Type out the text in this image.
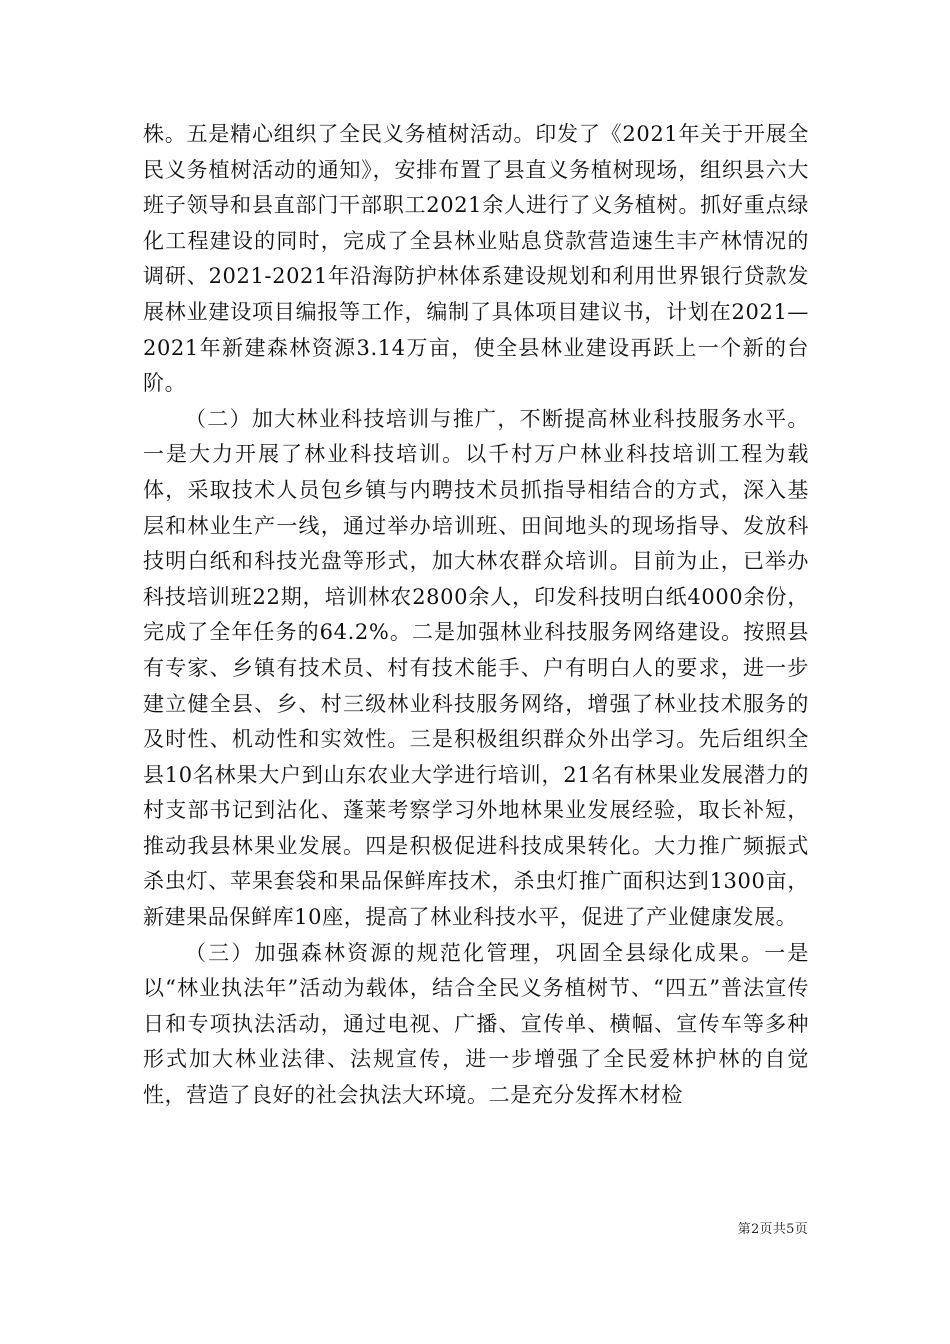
株。五是精心组织了全民义务植树活动。印发了《2021年关于开展全民义务植树活动的通知》，安排布置了县直义务植树现场，组织县六大班子领导和县直部门干部职工2021余人进行了义务植树。抓好重点绿化工程建设的同时，完成了全县林业贴息贷款营造速生丰产林情况的调研、2021-2021年沿海防护林体系建设规划和利用世界银行贷款发展林业建设项目编报等工作，编制了具体项目建议书，计划在2021—2021年新建森林资源3.14万亩，使全县林业建设再跃上一个新的台阶。

（二）加大林业科技培训与推广，不断提高林业科技服务水平。一是大力开展了林业科技培训。以千村万户林业科技培训工程为载体，采取技术人员包乡镇与内聘技术员抓指导相结合的方式，深入基层和林业生产一线，通过举办培训班、田间地头的现场指导、发放科技明白纸和科技光盘等形式，加大林农群众培训。目前为止，已举办科技培训班22期，培训林农2800余人，印发科技明白纸4000余份，完成了全年任务的64.2%。二是加强林业科技服务网络建设。按照县有专家、乡镇有技术员、村有技术能手、户有明白人的要求，进一步建立健全县、乡、村三级林业科技服务网络，增强了林业技术服务的及时性、机动性和实效性。三是积极组织群众外出学习。先后组织全县10名林果大户到山东农业大学进行培训，21名有林果业发展潜力的村支部书记到沾化、蓬莱考察学习外地林果业发展经验，取长补短，推动我县林果业发展。四是积极促进科技成果转化。大力推广频振式杀虫灯、苹果套袋和果品保鲜库技术，杀虫灯推广面积达到1300亩，新建果品保鲜库10座，提高了林业科技水平，促进了产业健康发展。

（三）加强森林资源的规范化管理，巩固全县绿化成果。一是以“林业执法年”活动为载体，结合全民义务植树节、“四五”普法宣传日和专项执法活动，通过电视、广播、宣传单、横幅、宣传车等多种形式加大林业法律、法规宣传，进一步增强了全民爱林护林的自觉性，营造了良好的社会执法大环境。二是充分发挥木材检

第2页共5页
